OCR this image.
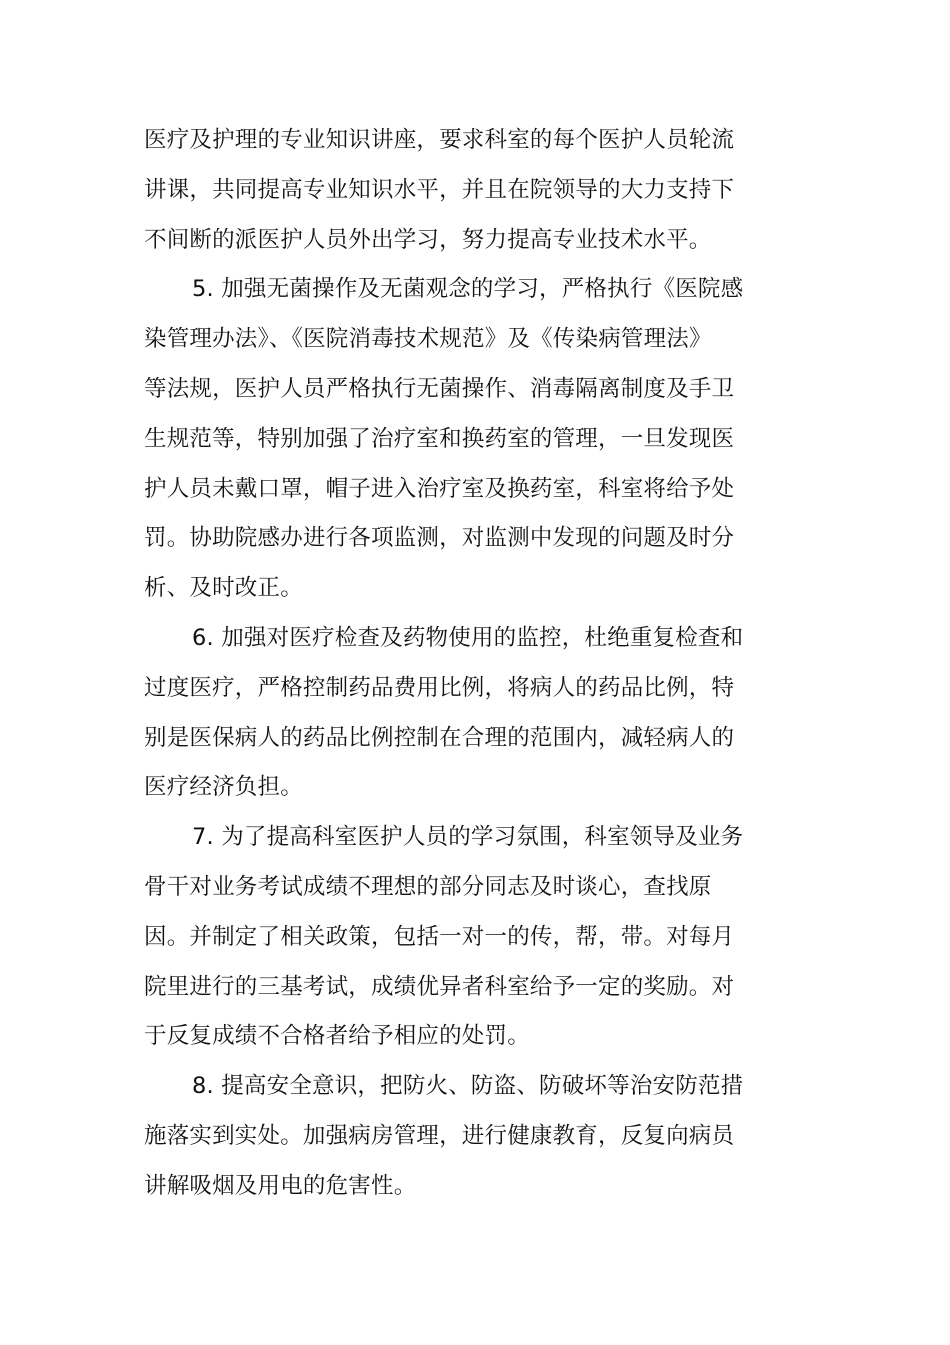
医疗及护理的专业知识讲座，要求科室的每个医护人员轮流
讲课，共同提高专业知识水平，并且在院领导的大力支持下
不间断的派医护人员外出学习，努力提高专业技术水平。

5. 加强无菌操作及无菌观念的学习，严格执行《医院感
染管理办法》、《医院消毒技术规范》及《传染病管理法》
等法规，医护人员严格执行无菌操作、消毒隔离制度及手卫
生规范等，特别加强了治疗室和换药室的管理，一旦发现医
护人员未戴口罩，帽子进入治疗室及换药室，科室将给予处
罚。协助院感办进行各项监测，对监测中发现的问题及时分
析、及时改正。

6. 加强对医疗检查及药物使用的监控，杜绝重复检查和
过度医疗，严格控制药品费用比例，将病人的药品比例，特
别是医保病人的药品比例控制在合理的范围内，减轻病人的
医疗经济负担。

7. 为了提高科室医护人员的学习氛围，科室领导及业务
骨干对业务考试成绩不理想的部分同志及时谈心，查找原
因。并制定了相关政策，包括一对一的传，帮，带。对每月
院里进行的三基考试，成绩优异者科室给予一定的奖励。对
于反复成绩不合格者给予相应的处罚。

8. 提高安全意识，把防火、防盗、防破坏等治安防范措
施落实到实处。加强病房管理，进行健康教育，反复向病员
讲解吸烟及用电的危害性。
